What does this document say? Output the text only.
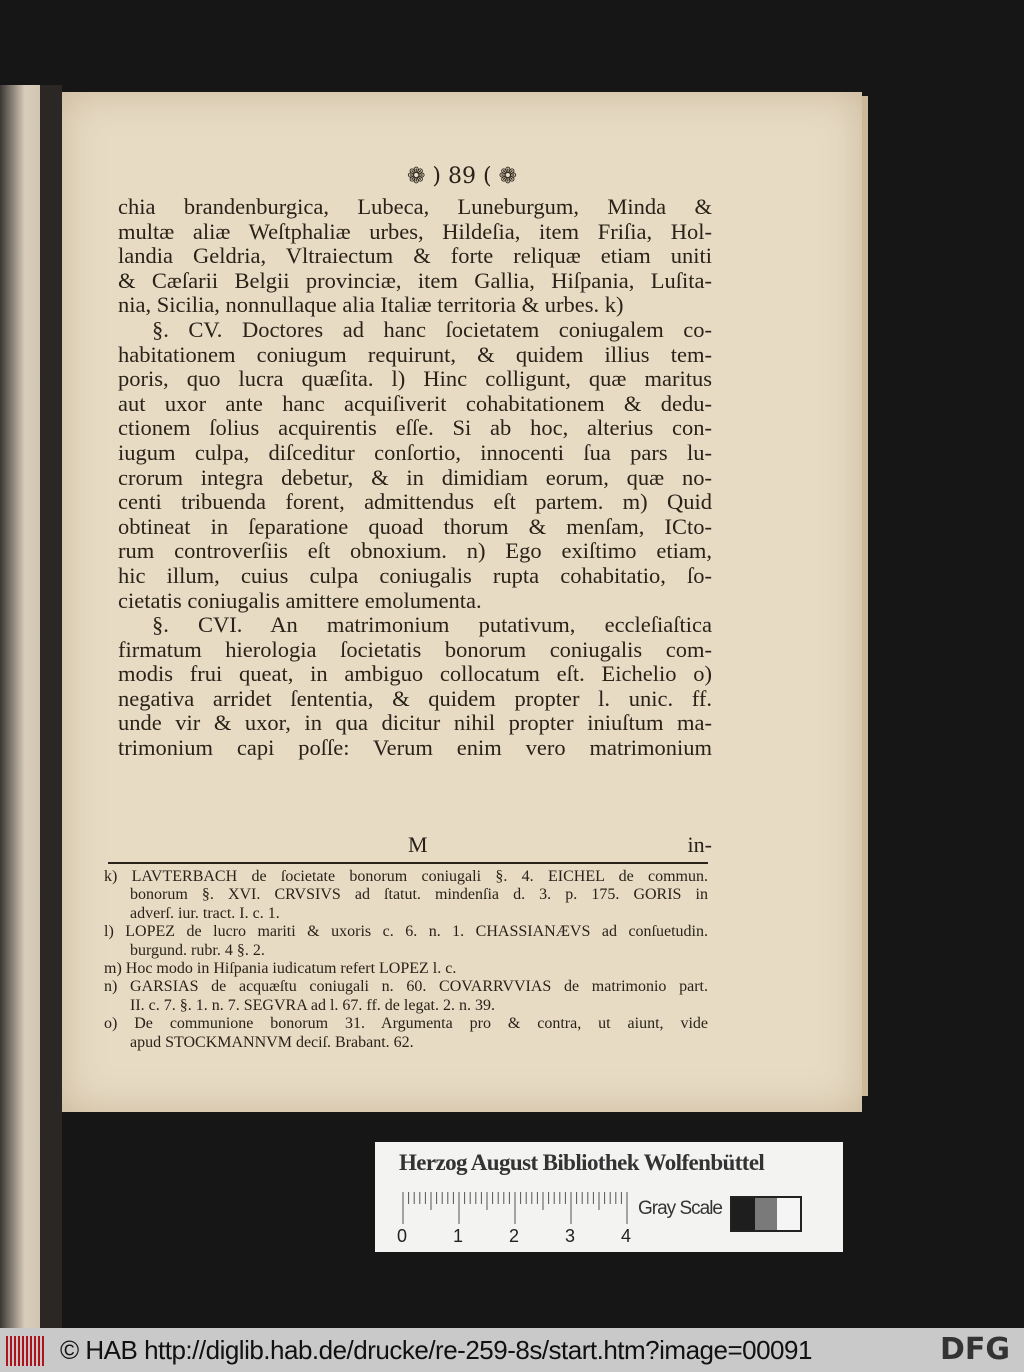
❁ ) 89 ( ❁
chia brandenburgica, Lubeca, Luneburgum, Minda &
multæ aliæ Weſtphaliæ urbes, Hildeſia, item Friſia, Hol-
landia Geldria, Vltraiectum & forte reliquæ etiam uniti
& Cæſarii Belgii provinciæ, item Gallia, Hiſpania, Luſita-
nia, Sicilia, nonnullaque alia Italiæ territoria & urbes. k)
§. CV. Doctores ad hanc ſocietatem coniugalem co-
habitationem coniugum requirunt, & quidem illius tem-
poris, quo lucra quæſita. l) Hinc colligunt, quæ maritus
aut uxor ante hanc acquiſiverit cohabitationem & dedu-
ctionem ſolius acquirentis eſſe. Si ab hoc, alterius con-
iugum culpa, diſceditur conſortio, innocenti ſua pars lu-
crorum integra debetur, & in dimidiam eorum, quæ no-
centi tribuenda forent, admittendus eſt partem. m) Quid
obtineat in ſeparatione quoad thorum & menſam, ICto-
rum controverſiis eſt obnoxium. n) Ego exiſtimo etiam,
hic illum, cuius culpa coniugalis rupta cohabitatio, ſo-
cietatis coniugalis amittere emolumenta.
§. CVI. An matrimonium putativum, eccleſiaſtica
firmatum hierologia ſocietatis bonorum coniugalis com-
modis frui queat, in ambiguo collocatum eſt. Eichelio o)
negativa arridet ſententia, & quidem propter l. unic. ff.
unde vir & uxor, in qua dicitur nihil propter iniuſtum ma-
trimonium capi poſſe: Verum enim vero matrimonium
M	in-
k) LAVTERBACH de ſocietate bonorum coniugali §. 4. EICHEL de commun.
bonorum §. XVI. CRVSIVS ad ſtatut. mindenſia d. 3. p. 175. GORIS in
adverſ. iur. tract. I. c. 1.
l) LOPEZ de lucro mariti & uxoris c. 6. n. 1. CHASSIANÆVS ad conſuetudin.
burgund. rubr. 4 §. 2.
m) Hoc modo in Hiſpania iudicatum refert LOPEZ l. c.
n) GARSIAS de acquæſtu coniugali n. 60. COVARRVVIAS de matrimonio part.
II. c. 7. §. 1. n. 7. SEGVRA ad l. 67. ff. de legat. 2. n. 39.
o) De communione bonorum 31. Argumenta pro & contra, ut aiunt, vide
apud STOCKMANNVM deciſ. Brabant. 62.
Herzog August Bibliothek Wolfenbüttel
0	1	2	3	4
Gray Scale
© HAB http://diglib.hab.de/drucke/re-259-8s/start.htm?image=00091	DFG
